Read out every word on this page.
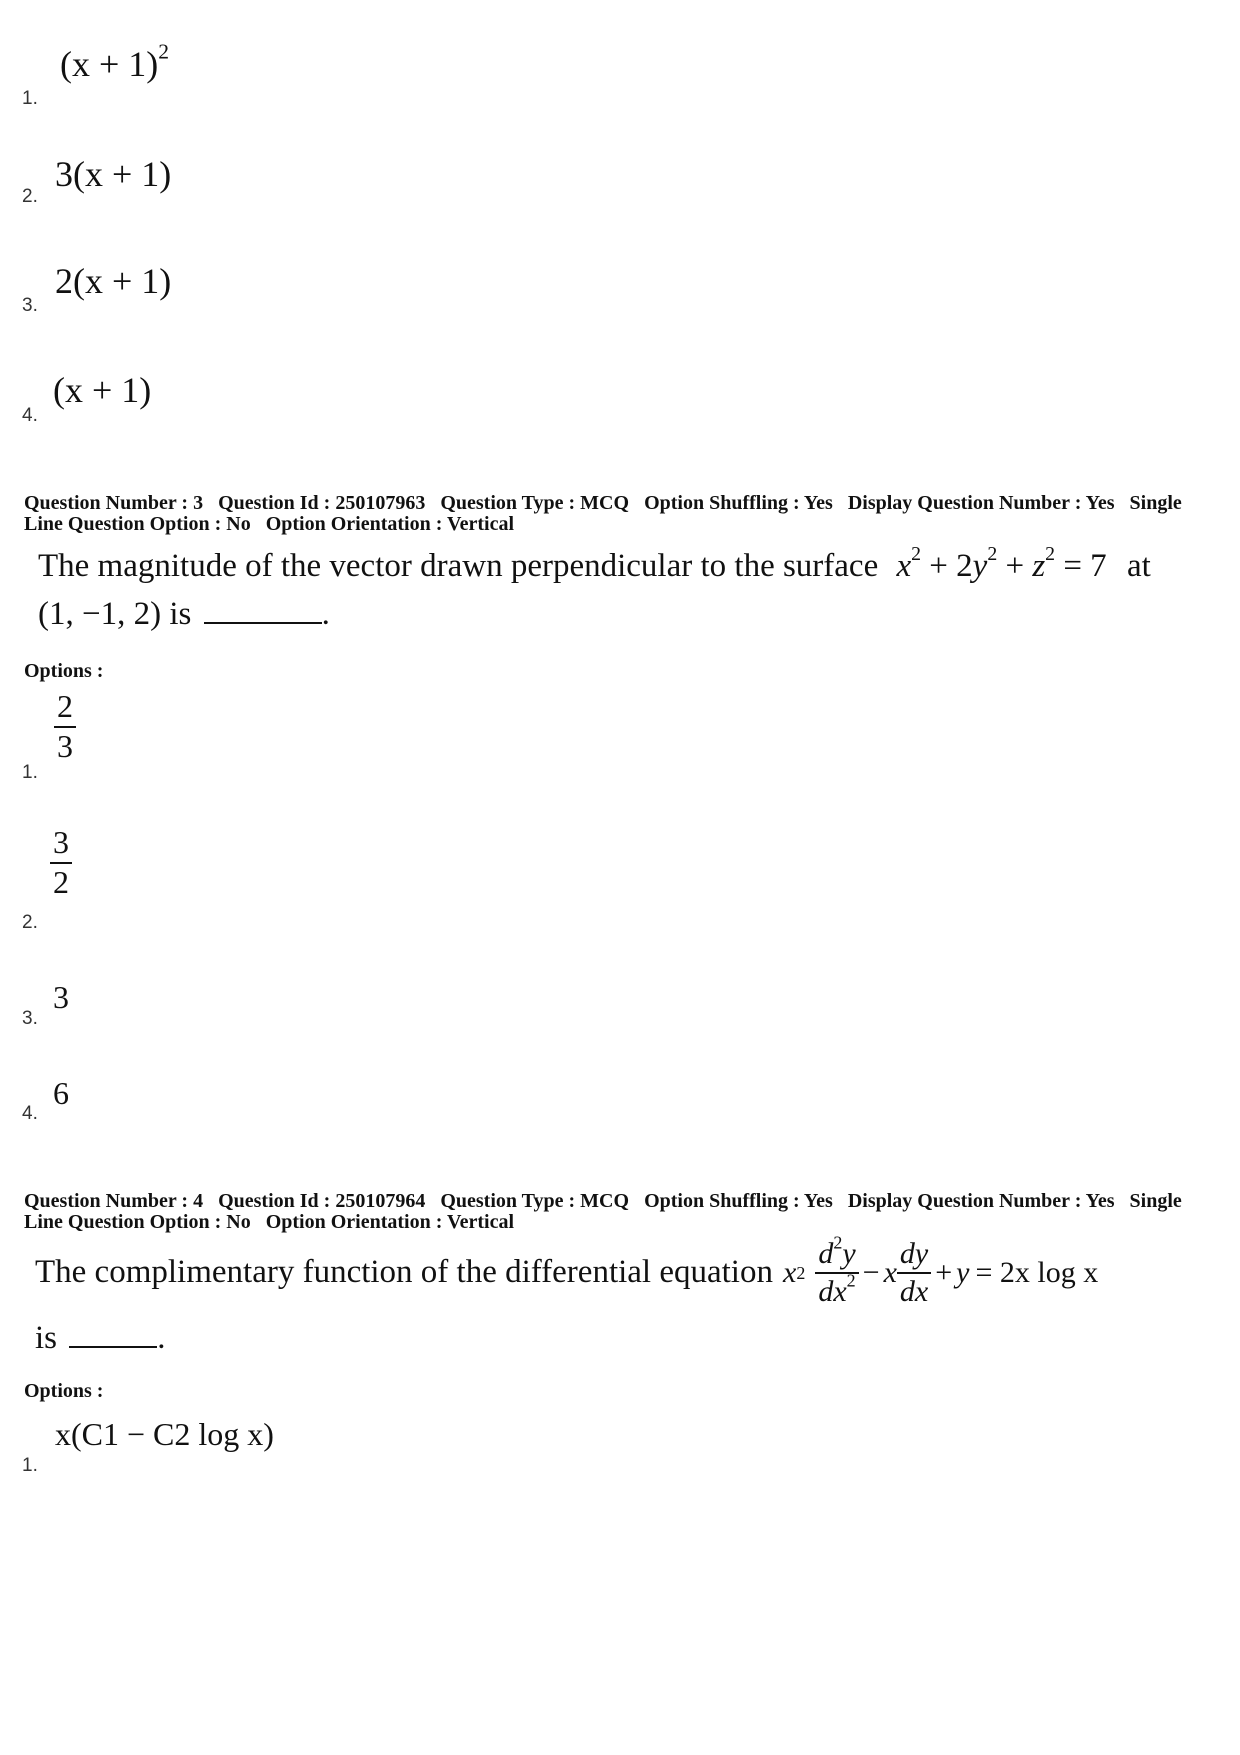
$(x + 1)^2$
1.
3(x + 1)
2.
2(x + 1)
3.
(x + 1)
4.
Question Number : 3 Question Id : 250107963 Question Type : MCQ Option Shuffling : Yes Display Question Number : Yes Single Line Question Option : No Option Orientation : Vertical
The magnitude of the vector drawn perpendicular to the surface $x^2 + 2y^2 + z^2 = 7$ at
(1, −1, 2) is	.
Options :
$\frac{2}{3}$
1.
$\frac{3}{2}$
2.
3
3.
6
4.
Question Number : 4 Question Id : 250107964 Question Type : MCQ Option Shuffling : Yes Display Question Number : Yes Single Line Question Option : No Option Orientation : Vertical
The complimentary function of the differential equation x $2 \frac{d^2y}{dx^2} - x \frac{dy}{dx} + y = 2x$ log x
is	.
Options :
x(C1 − C2 log x)
1.
